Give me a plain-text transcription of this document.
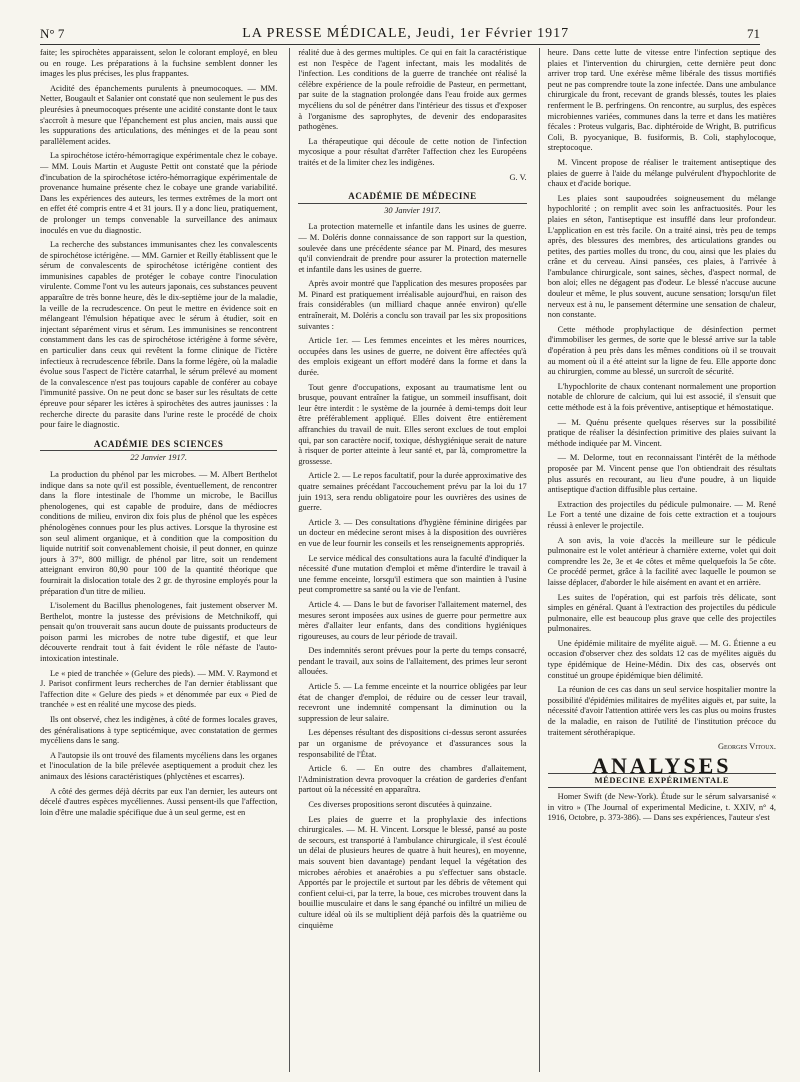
N° 7	LA PRESSE MÉDICALE, Jeudi, 1er Février 1917	71

faite; les spirochètes apparaissent, selon le colorant employé, en bleu ou en rouge. Les préparations à la fuchsine semblent donner les images les plus précises, les plus frappantes.

Acidité des épanchements purulents à pneumocoques. — MM. Netter, Bougault et Salanier ont constaté que non seulement le pus des pleurésies à pneumocoques présente une acidité constante dont le taux s'accroît à mesure que l'épanchement est plus ancien, mais aussi que les suppurations des articulations, des méninges et de la peau sont parallèlement acides.

La spirochétose ictéro-hémorragique expérimentale chez le cobaye. — MM. Louis Martin et Auguste Pettit ont constaté que la période d'incubation de la spirochétose ictéro-hémorragique expérimentale de provenance humaine présente chez le cobaye une grande variabilité. Dans les expériences des auteurs, les termes extrêmes de la mort ont en effet été compris entre 4 et 31 jours. Il y a donc lieu, pratiquement, de prolonger un temps convenable la surveillance des animaux inoculés en vue du diagnostic.

La recherche des substances immunisantes chez les convalescents de spirochétose ictérigène. — MM. Garnier et Reilly établissent que le sérum de convalescents de spirochétose ictérigène contient des immunisines capables de protéger le cobaye contre l'inoculation virulente. Comme l'ont vu les auteurs japonais, ces substances peuvent apparaître de très bonne heure, dès le dix-septième jour de la maladie, la veille de la recrudescence. On peut le mettre en évidence soit en mélangeant l'émulsion hépatique avec le sérum à étudier, soit en injectant séparément virus et sérum. Les immunisines se rencontrent constamment dans les cas de spirochétose ictérigène à forme sévère, en particulier dans ceux qui revêtent la forme clinique de l'ictère infectieux à recrudescence fébrile. Dans la forme légère, où la maladie évolue sous l'aspect de l'ictère catarrhal, le sérum prélevé au moment de la convalescence n'est pas toujours capable de conférer au cobaye l'immunité passive. On ne peut donc se baser sur les résultats de cette épreuve pour séparer les ictères à spirochètes des autres jaunisses : la recherche directe du parasite dans l'urine reste le procédé de choix pour faire le diagnostic.

ACADÉMIE DES SCIENCES
22 Janvier 1917.

La production du phénol par les microbes. — M. Albert Berthelot indique dans sa note qu'il est possible, éventuellement, de rencontrer dans la flore intestinale de l'homme un microbe, le Bacillus phenologenes, qui est capable de produire, dans de médiocres conditions de milieu, environ dix fois plus de phénol que les espèces phénologènes connues pour les plus actives. Lorsque la thyrosine est son seul aliment organique, et à condition que la composition du liquide nutritif soit convenablement choisie, il peut donner, en quinze jours à 37°, 800 milligr. de phénol par litre, soit un rendement atteignant environ 80,90 pour 100 de la quantité théorique que fournirait la dislocation totale des 2 gr. de thyrosine employés pour la préparation d'un titre de milieu.

L'isolement du Bacillus phenologenes, fait justement observer M. Berthelot, montre la justesse des prévisions de Metchnikoff, qui pensait qu'on trouverait sans aucun doute de puissants producteurs de poison parmi les microbes de notre tube digestif, et que leur découverte rendrait tout à fait évident le rôle néfaste de l'auto-intoxication intestinale.

Le « pied de tranchée » (Gelure des pieds). — MM. V. Raymond et J. Parisot confirment leurs recherches de l'an dernier établissant que l'affection dite « Gelure des pieds » et dénommée par eux « Pied de tranchée » est en réalité une mycose des pieds.

Ils ont observé, chez les indigènes, à côté de formes locales graves, des généralisations à type septicémique, avec constatation de germes mycéliens dans le sang.

A l'autopsie ils ont trouvé des filaments mycéliens dans les organes et l'inoculation de la bile prélevée aseptiquement a produit chez les animaux des lésions caractéristiques (phlyctènes et escarres).

A côté des germes déjà décrits par eux l'an dernier, les auteurs ont décelé d'autres espèces mycéliennes. Aussi pensent-ils que l'affection, loin d'être une maladie spécifique due à un seul germe, est en

réalité due à des germes multiples. Ce qui en fait la caractéristique est non l'espèce de l'agent infectant, mais les modalités de l'infection. Les conditions de la guerre de tranchée ont réalisé la célèbre expérience de la poule refroidie de Pasteur, en permettant, par suite de la stagnation prolongée dans l'eau froide aux germes mycéliens du sol de pénétrer dans l'intérieur des tissus et d'exposer à l'organisme des saprophytes, de devenir des endoparasites pathogènes.

La thérapeutique qui découle de cette notion de l'infection mycosique a pour résultat d'arrêter l'affection chez les Européens traités et de la limiter chez les indigènes.

G. V.
ACADÉMIE DE MÉDECINE
30 Janvier 1917.

La protection maternelle et infantile dans les usines de guerre. — M. Doléris donne connaissance de son rapport sur la question, soulevée dans une précédente séance par M. Pinard, des mesures qu'il conviendrait de prendre pour assurer la protection maternelle et infantile dans les usines de guerre.

Après avoir montré que l'application des mesures proposées par M. Pinard est pratiquement irréalisable aujourd'hui, en raison des frais considérables (un milliard chaque année environ) qu'elle entraînerait, M. Doléris a conclu son travail par les six propositions suivantes :

Article 1er. — Les femmes enceintes et les mères nourrices, occupées dans les usines de guerre, ne doivent être affectées qu'à des emplois exigeant un effort modéré dans la forme et dans la durée.

Tout genre d'occupations, exposant au traumatisme lent ou brusque, pouvant entraîner la fatigue, un sommeil insuffisant, doit leur être interdit : le système de la journée à demi-temps doit leur être préférablement appliqué. Elles doivent être entièrement affranchies du travail de nuit. Elles seront exclues de tout emploi qui, par son caractère nocif, toxique, déshygiénique serait de nature à risquer de porter atteinte à leur santé et, par là, compromettre la grossesse.

Article 2. — Le repos facultatif, pour la durée approximative des quatre semaines précédant l'accouchement prévu par la loi du 17 juin 1913, sera rendu obligatoire pour les ouvrières des usines de guerre.

Article 3. — Des consultations d'hygiène féminine dirigées par un docteur en médecine seront mises à la disposition des ouvrières en vue de leur fournir les conseils et les renseignements appropriés.

Le service médical des consultations aura la faculté d'indiquer la nécessité d'une mutation d'emploi et même d'interdire le travail à une femme enceinte, lorsqu'il estimera que son maintien à l'usine peut compromettre sa santé ou la vie de l'enfant.

Article 4. — Dans le but de favoriser l'allaitement maternel, des mesures seront imposées aux usines de guerre pour permettre aux mères d'allaiter leur enfants, dans des conditions hygiéniques rigoureuses, au cours de leur période de travail.

Des indemnités seront prévues pour la perte du temps consacré, pendant le travail, aux soins de l'allaitement, des primes leur seront allouées.

Article 5. — La femme enceinte et la nourrice obligées par leur état de changer d'emploi, de réduire ou de cesser leur travail, recevront une indemnité compensant la diminution ou la suppression de leur salaire.

Les dépenses résultant des dispositions ci-dessus seront assurées par un organisme de prévoyance et d'assurances sous la responsabilité de l'État.

Article 6. — En outre des chambres d'allaitement, l'Administration devra provoquer la création de garderies d'enfant partout où la nécessité en apparaîtra.

Ces diverses propositions seront discutées à quinzaine.

Les plaies de guerre et la prophylaxie des infections chirurgicales. — M. H. Vincent. Lorsque le blessé, pansé au poste de secours, est transporté à l'ambulance chirurgicale, il s'est écoulé un délai de plusieurs heures de quatre à huit heures), en moyenne, mais souvent bien davantage) pendant lequel la végétation des microbes aérobies et anaérobies a pu s'effectuer sans obstacle. Apportés par le projectile et surtout par les débris de vêtement qui confient celui-ci, par la terre, la boue, ces microbes trouvent dans la bouillie musculaire et dans le sang épanché ou infiltré un milieu de culture idéal où ils se multiplient déjà parfois dès la quatrième ou cinquième

heure. Dans cette lutte de vitesse entre l'infection septique des plaies et l'intervention du chirurgien, cette dernière peut donc arriver trop tard. Une exérèse même libérale des tissus mortifiés peut ne pas comprendre toute la zone infectée. Dans une ambulance chirurgicale du front, recevant de grands blessés, toutes les plaies renferment le B. perfringens. On rencontre, au surplus, des espèces microbiennes variées, communes dans la terre et dans les matières fécales : Proteus vulgaris, Bac. diphtéroide de Wright, B. putrificus Coli, B. pyocyanique, B. fusiformis, B. Coli, staphylocoque, streptocoque.

M. Vincent propose de réaliser le traitement antiseptique des plaies de guerre à l'aide du mélange pulvérulent d'hypochlorite de chaux et d'acide borique.

Les plaies sont saupoudrées soigneusement du mélange hypochlorité ; on remplit avec soin les anfractuosités. Pour les plaies en séton, l'antiseptique est insufflé dans leur profondeur. L'application en est très facile. On a traité ainsi, très peu de temps après, des blessures des membres, des articulations grandes ou petites, des parties molles du tronc, du cou, ainsi que les plaies du crâne et du cerveau. Ainsi pansées, ces plaies, à l'arrivée à l'ambulance chirurgicale, sont saines, sèches, d'aspect normal, de bon aloi; elles ne dégagent pas d'odeur. Le blessé n'accuse aucune douleur et même, le plus souvent, aucune sensation; lorsqu'un filet nerveux est à nu, le pansement détermine une sensation de chaleur, non constante.

Cette méthode prophylactique de désinfection permet d'immobiliser les germes, de sorte que le blessé arrive sur la table d'opération à peu près dans les mêmes conditions où il se trouvait au moment où il a été atteint sur la ligne de feu. Elle apporte donc au chirurgien, comme au blessé, un surcroît de sécurité.

L'hypochlorite de chaux contenant normalement une proportion notable de chlorure de calcium, qui lui est associé, il s'ensuit que cette méthode est à la fois préventive, antiseptique et hémostatique.

— M. Quénu présente quelques réserves sur la possibilité pratique de réaliser la désinfection primitive des plaies suivant la méthode indiquée par M. Vincent.

— M. Delorme, tout en reconnaissant l'intérêt de la méthode proposée par M. Vincent pense que l'on obtiendrait des résultats plus assurés en recourant, au lieu d'une poudre, à un liquide antiseptique d'action diffusible plus certaine.

Extraction des projectiles du pédicule pulmonaire. — M. René Le Fort a tenté une dizaine de fois cette extraction et a toujours réussi à enlever le projectile.

A son avis, la voie d'accès la meilleure sur le pédicule pulmonaire est le volet antérieur à charnière externe, volet qui doit comprendre les 2e, 3e et 4e côtes et même quelquefois la 5e côte. Ce procédé permet, grâce à la facilité avec laquelle le poumon se laisse déplacer, d'aborder le hile aisément en avant et en arrière.

Les suites de l'opération, qui est parfois très délicate, sont simples en général. Quant à l'extraction des projectiles du pédicule pulmonaire, elle est beaucoup plus grave que celle des projectiles pulmonaires.

Une épidémie militaire de myélite aiguë. — M. G. Étienne a eu occasion d'observer chez des soldats 12 cas de myélites aiguës du type épidémique de Heine-Médin. Dix des cas, observés ont constitué un groupe épidémique bien délimité.

La réunion de ces cas dans un seul service hospitalier montre la possibilité d'épidémies militaires de myélites aiguës et, par suite, la nécessité d'avoir l'attention attirée vers les cas plus ou moins frustes de la maladie, en raison de l'utilité de l'institution précoce du traitement sérothérapique.

Georges Vitoux.
ANALYSES
MÉDECINE EXPÉRIMENTALE

Homer Swift (de New-York). Étude sur le sérum salvarsanisé « in vitro » (The Journal of experimental Medicine, t. XXIV, n° 4, 1916, Octobre, p. 373-386). — Dans ses expériences, l'auteur s'est
